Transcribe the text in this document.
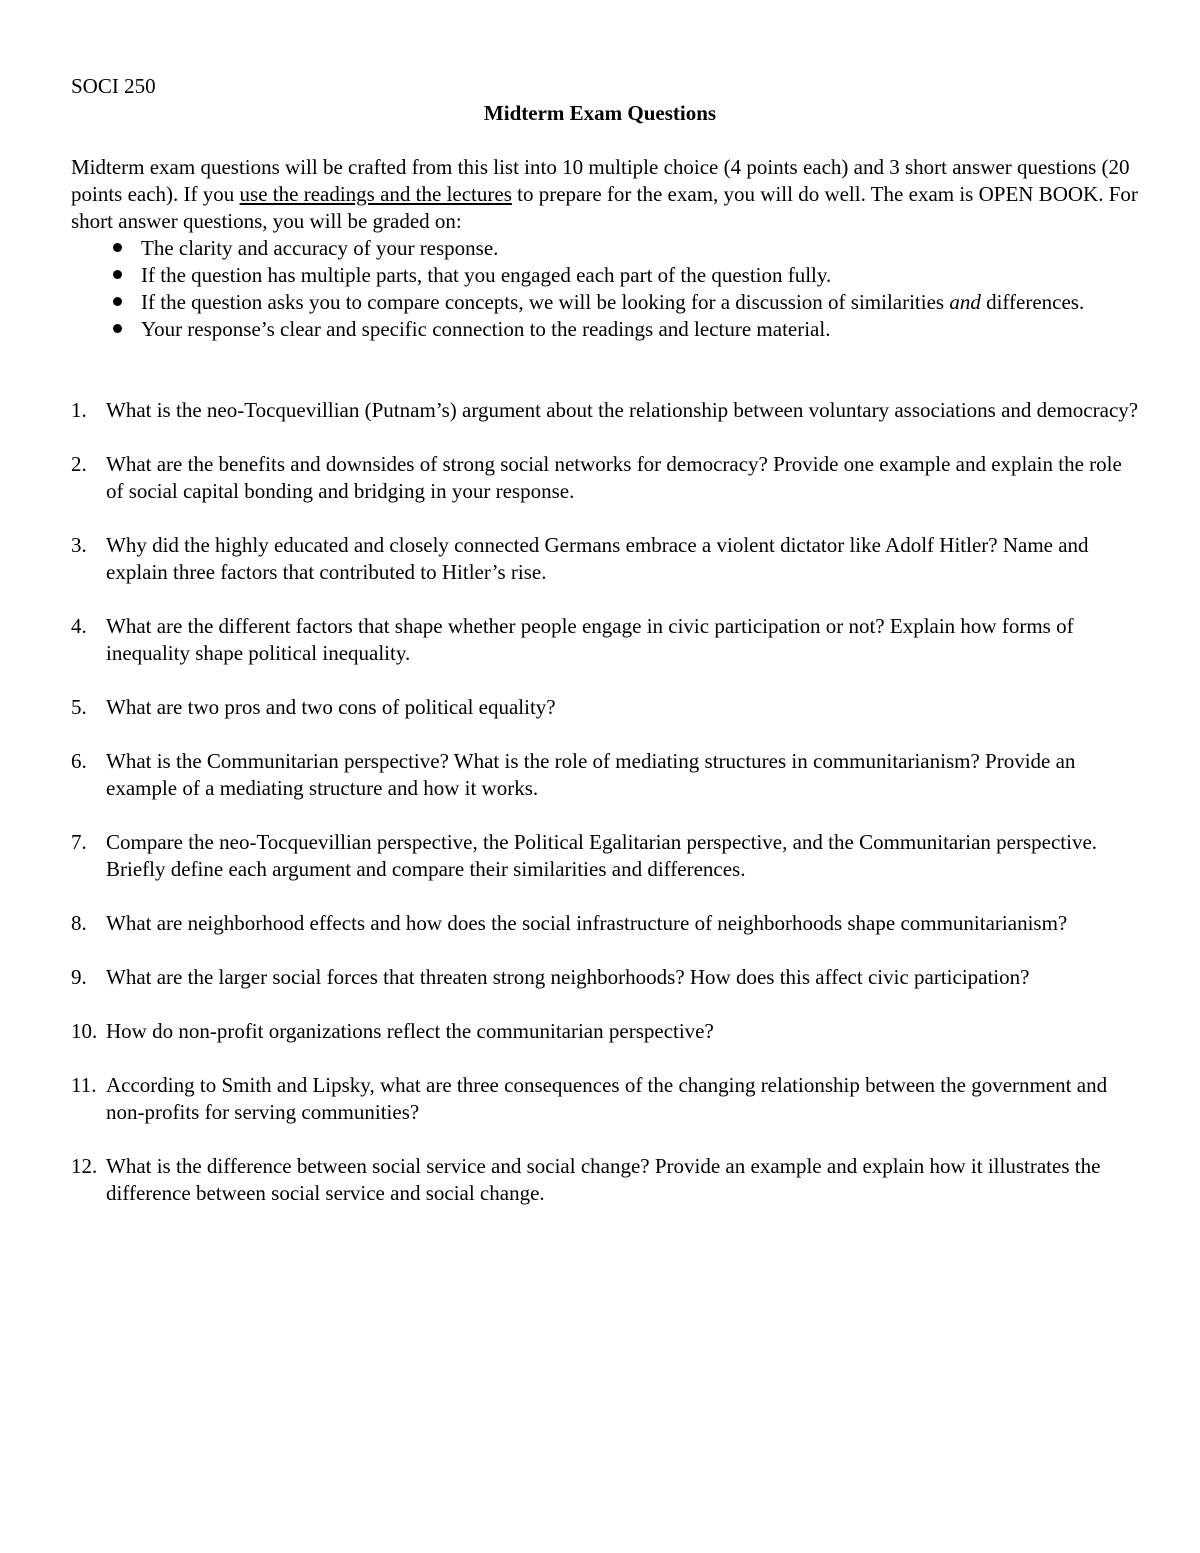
SOCI 250

Midterm Exam Questions

Midterm exam questions will be crafted from this list into 10 multiple choice (4 points each) and 3 short answer questions (20 points each). If you use the readings and the lectures to prepare for the exam, you will do well. The exam is OPEN BOOK. For short answer questions, you will be graded on:

The clarity and accuracy of your response.
If the question has multiple parts, that you engaged each part of the question fully.
If the question asks you to compare concepts, we will be looking for a discussion of similarities and differences.
Your response’s clear and specific connection to the readings and lecture material.
1. What is the neo-Tocquevillian (Putnam’s) argument about the relationship between voluntary associations and democracy?
2. What are the benefits and downsides of strong social networks for democracy? Provide one example and explain the role of social capital bonding and bridging in your response.
3. Why did the highly educated and closely connected Germans embrace a violent dictator like Adolf Hitler? Name and explain three factors that contributed to Hitler’s rise.
4. What are the different factors that shape whether people engage in civic participation or not? Explain how forms of inequality shape political inequality.
5. What are two pros and two cons of political equality?
6. What is the Communitarian perspective? What is the role of mediating structures in communitarianism? Provide an example of a mediating structure and how it works.
7. Compare the neo-Tocquevillian perspective, the Political Egalitarian perspective, and the Communitarian perspective. Briefly define each argument and compare their similarities and differences.
8. What are neighborhood effects and how does the social infrastructure of neighborhoods shape communitarianism?
9. What are the larger social forces that threaten strong neighborhoods? How does this affect civic participation?
10. How do non-profit organizations reflect the communitarian perspective?
11. According to Smith and Lipsky, what are three consequences of the changing relationship between the government and non-profits for serving communities?
12. What is the difference between social service and social change? Provide an example and explain how it illustrates the difference between social service and social change.
